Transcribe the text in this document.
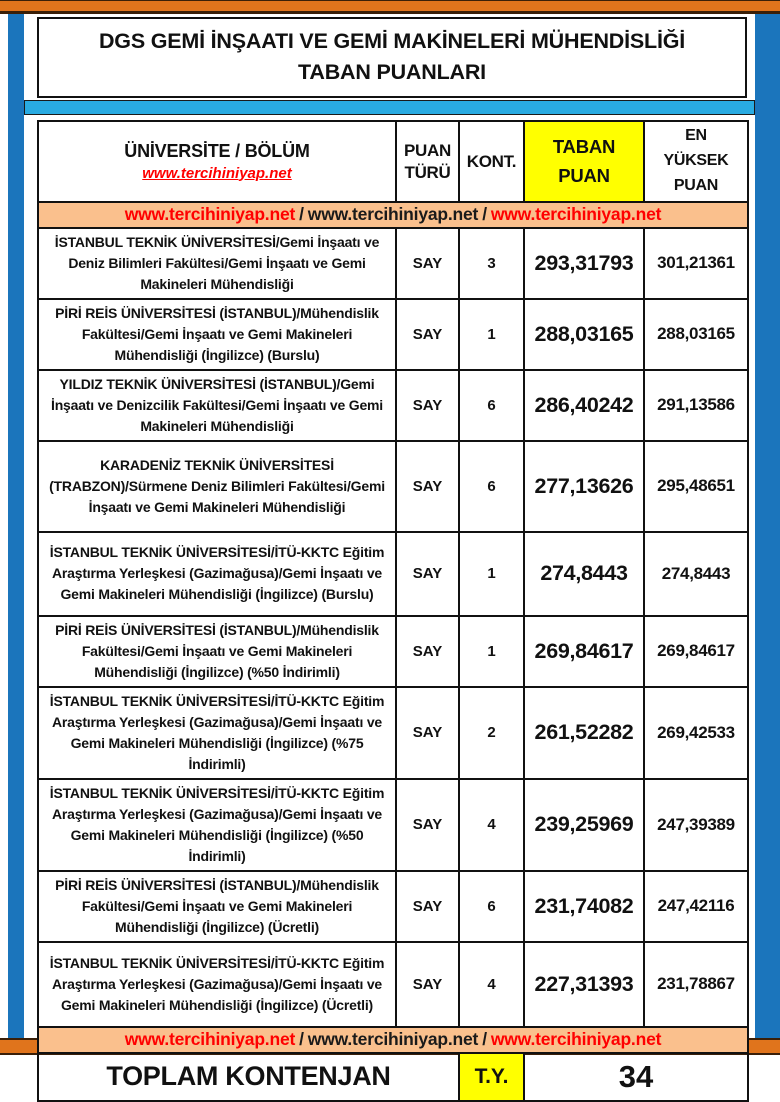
DGS GEMİ İNŞAATI VE GEMİ MAKİNELERİ MÜHENDİSLİĞİ TABAN PUANLARI
ÜNİVERSİTE / BÖLÜM
www.tercihiniyap.net	PUAN TÜRÜ	KONT.	TABAN PUAN	EN YÜKSEK PUAN
www.tercihiniyap.net / www.tercihiniyap.net / www.tercihiniyap.net				
İSTANBUL TEKNİK ÜNİVERSİTESİ/Gemi İnşaatı ve Deniz Bilimleri Fakültesi/Gemi İnşaatı ve Gemi Makineleri Mühendisliği	SAY	3	293,31793	301,21361
PİRİ REİS ÜNİVERSİTESİ (İSTANBUL)/Mühendislik Fakültesi/Gemi İnşaatı ve Gemi Makineleri Mühendisliği (İngilizce) (Burslu)	SAY	1	288,03165	288,03165
YILDIZ TEKNİK ÜNİVERSİTESİ (İSTANBUL)/Gemi İnşaatı ve Denizcilik Fakültesi/Gemi İnşaatı ve Gemi Makineleri Mühendisliği	SAY	6	286,40242	291,13586
KARADENİZ TEKNİK ÜNİVERSİTESİ (TRABZON)/Sürmene Deniz Bilimleri Fakültesi/Gemi İnşaatı ve Gemi Makineleri Mühendisliği	SAY	6	277,13626	295,48651
İSTANBUL TEKNİK ÜNİVERSİTESİ/İTÜ-KKTC Eğitim Araştırma Yerleşkesi (Gazimağusa)/Gemi İnşaatı ve Gemi Makineleri Mühendisliği (İngilizce) (Burslu)	SAY	1	274,8443	274,8443
PİRİ REİS ÜNİVERSİTESİ (İSTANBUL)/Mühendislik Fakültesi/Gemi İnşaatı ve Gemi Makineleri Mühendisliği (İngilizce) (%50 İndirimli)	SAY	1	269,84617	269,84617
İSTANBUL TEKNİK ÜNİVERSİTESİ/İTÜ-KKTC Eğitim Araştırma Yerleşkesi (Gazimağusa)/Gemi İnşaatı ve Gemi Makineleri Mühendisliği (İngilizce) (%75 İndirimli)	SAY	2	261,52282	269,42533
İSTANBUL TEKNİK ÜNİVERSİTESİ/İTÜ-KKTC Eğitim Araştırma Yerleşkesi (Gazimağusa)/Gemi İnşaatı ve Gemi Makineleri Mühendisliği (İngilizce) (%50 İndirimli)	SAY	4	239,25969	247,39389
PİRİ REİS ÜNİVERSİTESİ (İSTANBUL)/Mühendislik Fakültesi/Gemi İnşaatı ve Gemi Makineleri Mühendisliği (İngilizce) (Ücretli)	SAY	6	231,74082	247,42116
İSTANBUL TEKNİK ÜNİVERSİTESİ/İTÜ-KKTC Eğitim Araştırma Yerleşkesi (Gazimağusa)/Gemi İnşaatı ve Gemi Makineleri Mühendisliği (İngilizce) (Ücretli)	SAY	4	227,31393	231,78867
www.tercihiniyap.net / www.tercihiniyap.net / www.tercihiniyap.net				
TOPLAM KONTENJAN		T.Y.	34	
